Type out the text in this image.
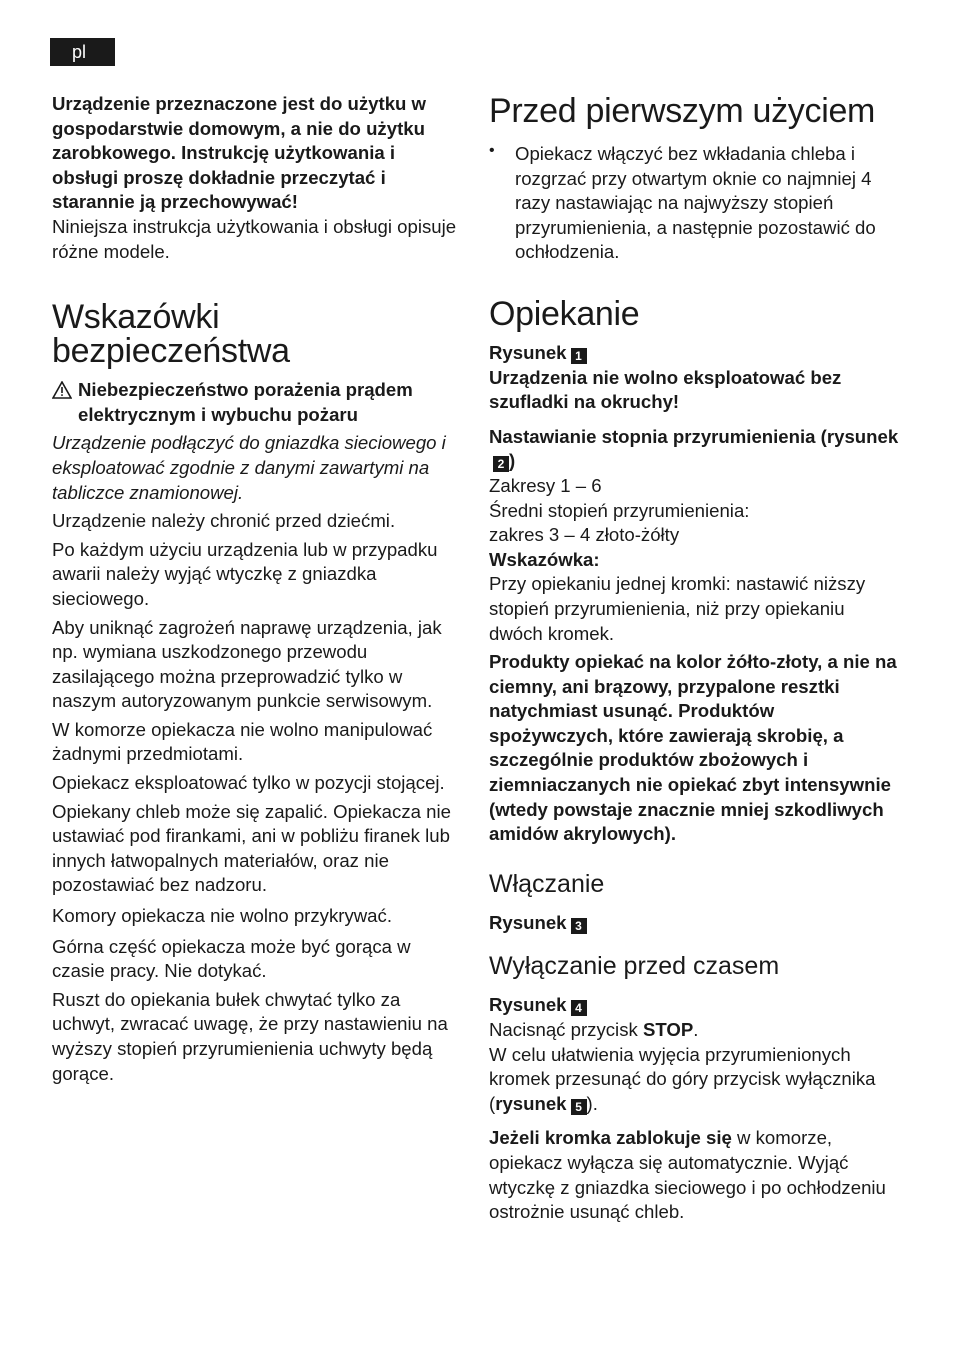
pl

Urządzenie przeznaczone jest do użytku w gospodarstwie domowym, a nie do użytku zarobkowego. Instrukcję użytkowania i obsługi proszę dokładnie przeczytać i starannie ją przechowywać!

Niniejsza instrukcja użytkowania i obsługi opisuje różne modele.

Wskazówki bezpieczeństwa

Niebezpieczeństwo porażenia prądem elektrycznym i wybuchu pożaru

Urządzenie podłączyć do gniazdka sieciowego i eksploatować zgodnie z danymi zawartymi na tabliczce znamionowej.

Urządzenie należy chronić przed dziećmi.

Po każdym użyciu urządzenia lub w przypadku awarii należy wyjąć wtyczkę z gniazdka sieciowego.

Aby uniknąć zagrożeń naprawę urządzenia, jak np. wymiana uszkodzonego przewodu zasilającego można przeprowadzić tylko w naszym autoryzowanym punkcie serwisowym.

W komorze opiekacza nie wolno manipulować żadnymi przedmiotami.

Opiekacz eksploatować tylko w pozycji stojącej.

Opiekany chleb może się zapalić. Opiekacza nie ustawiać pod firankami, ani w pobliżu firanek lub innych łatwopalnych materiałów, oraz nie pozostawiać bez nadzoru.

Komory opiekacza nie wolno przykrywać.

Górna część opiekacza może być gorąca w czasie pracy. Nie dotykać.

Ruszt do opiekania bułek chwytać tylko za uchwyt, zwracać uwagę, że przy nastawieniu na wyższy stopień przyrumienienia uchwyty będą gorące.

Przed pierwszym użyciem
• Opiekacz włączyć bez wkładania chleba i rozgrzać przy otwartym oknie co najmniej 4 razy nastawiając na najwyższy stopień przyrumienienia, a następnie pozostawić do ochłodzenia.

Opiekanie

Rysunek 1

Urządzenia nie wolno eksploatować bez szufladki na okruchy!

Nastawianie stopnia przyrumienienia (rysunek2 )

Zakresy 1 – 6

Średni stopień przyrumienienia:

zakres 3 – 4 złoto-żółty

Wskazówka:

Przy opiekaniu jednej kromki: nastawić niższy stopień przyrumienienia, niż przy opiekaniu dwóch kromek.

Produkty opiekać na kolor żółto-złoty, a nie na ciemny, ani brązowy, przypalone resztki natychmiast usunąć. Produktów spożywczych, które zawierają skrobię, a szczególnie produktów zbożowych i ziemniaczanych nie opiekać zbyt intensywnie (wtedy powstaje znacznie mniej szkodliwych amidów akrylowych).

Włączanie

Rysunek 3

Wyłączanie przed czasem

Rysunek 4

Nacisnąć przycisk STOP.

W celu ułatwienia wyjęcia przyrumienionych kromek przesunąć do góry przycisk wyłącznika (rysunek 5 ).

Jeżeli kromka zablokuje się w komorze, opiekacz wyłącza się automatycznie. Wyjąć wtyczkę z gniazdka sieciowego i po ochłodzeniu ostrożnie usunąć chleb.
